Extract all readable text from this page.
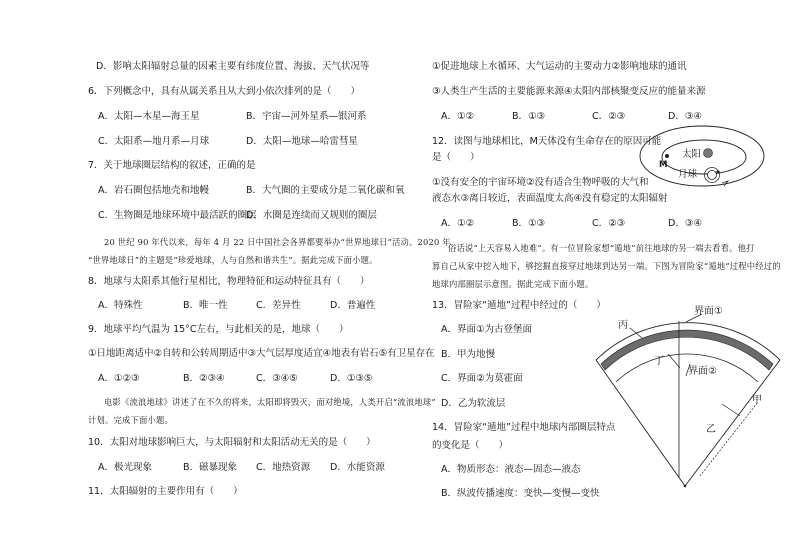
D．影响太阳辐射总量的因素主要有纬度位置、海拔、天气状况等
6．下列概念中，具有从属关系且从大到小依次排列的是（　　）
A．太阳—木星—海王星	B．宇宙—河外星系—银河系
C．太阳系—地月系—月球	D．太阳—地球—哈雷彗星
7．关于地球圈层结构的叙述，正确的是
A．岩石圈包括地壳和地幔	B．大气圈的主要成分是二氧化碳和氧
C．生物圈是地球环境中最活跃的圈层
D．水圈是连续而又规则的圈层
20 世纪 90 年代以来，每年 4 月 22 日中国社会各界都要举办“世界地球日”活动。2020 年
“世界地球日”的主题是“珍爱地球，人与自然和谐共生”。据此完成下面小题。
8．地球与太阳系其他行星相比，物理特征和运动特征具有（　　）
A．特殊性	B．唯一性	C．差异性	D．普遍性
9．地球平均气温为 15°C左右，与此相关的是，地球（　　）
①日地距离适中②自转和公转周期适中③大气层厚度适宜④地表有岩石⑤有卫星存在
A．①②③	B．②③④	C．③④⑤	D．①③⑤
电影《流浪地球》讲述了在不久的将来，太阳即将毁灭，面对绝境，人类开启“流浪地球”
计划。完成下面小题。
10．太阳对地球影响巨大，与太阳辐射和太阳活动无关的是（　　）
A．极光现象	B．磁暴现象 C．地热资源 D．水能资源
11．太阳辐射的主要作用有（　　）
①促进地球上水循环、大气运动的主要动力②影响地球的通讯
③人类生产生活的主要能源来源④太阳内部核聚变反应的能量来源
A．①②	B．①③	C．②③	D．③④
12．读图与地球相比，M天体没有生命存在的原因可能
是（　　）
①没有安全的宇宙环境②没有适合生物呼吸的大气和
液态水③离日较近，表面温度太高④没有稳定的太阳辐射
A．①②	B．①③	C．②③	D．③④
太阳
M
月球
俗话说“上天容易入地难”。有一位冒险家想“遁地”前往地球的另一端去看看。他打
算自己从家中挖入地下，够挖掘直接穿过地球到达另一端。下图为冒险家“遁地”过程中经过的
地球内部圈层示意图。据此完成下面小题。
13．冒险家“遁地”过程中经过的（　　）
A．界面①为古登堡面
B．甲为地慢
C．界面②为莫霍面
D．乙为软流层
14．冒险家“遁地”过程中地球内部圈层特点
的变化是（　　）
A．物质形态：液态—固态—液态
B．纵波传播速度：变快—变慢—变快
丙
界面①
丁
界面②
甲
乙
